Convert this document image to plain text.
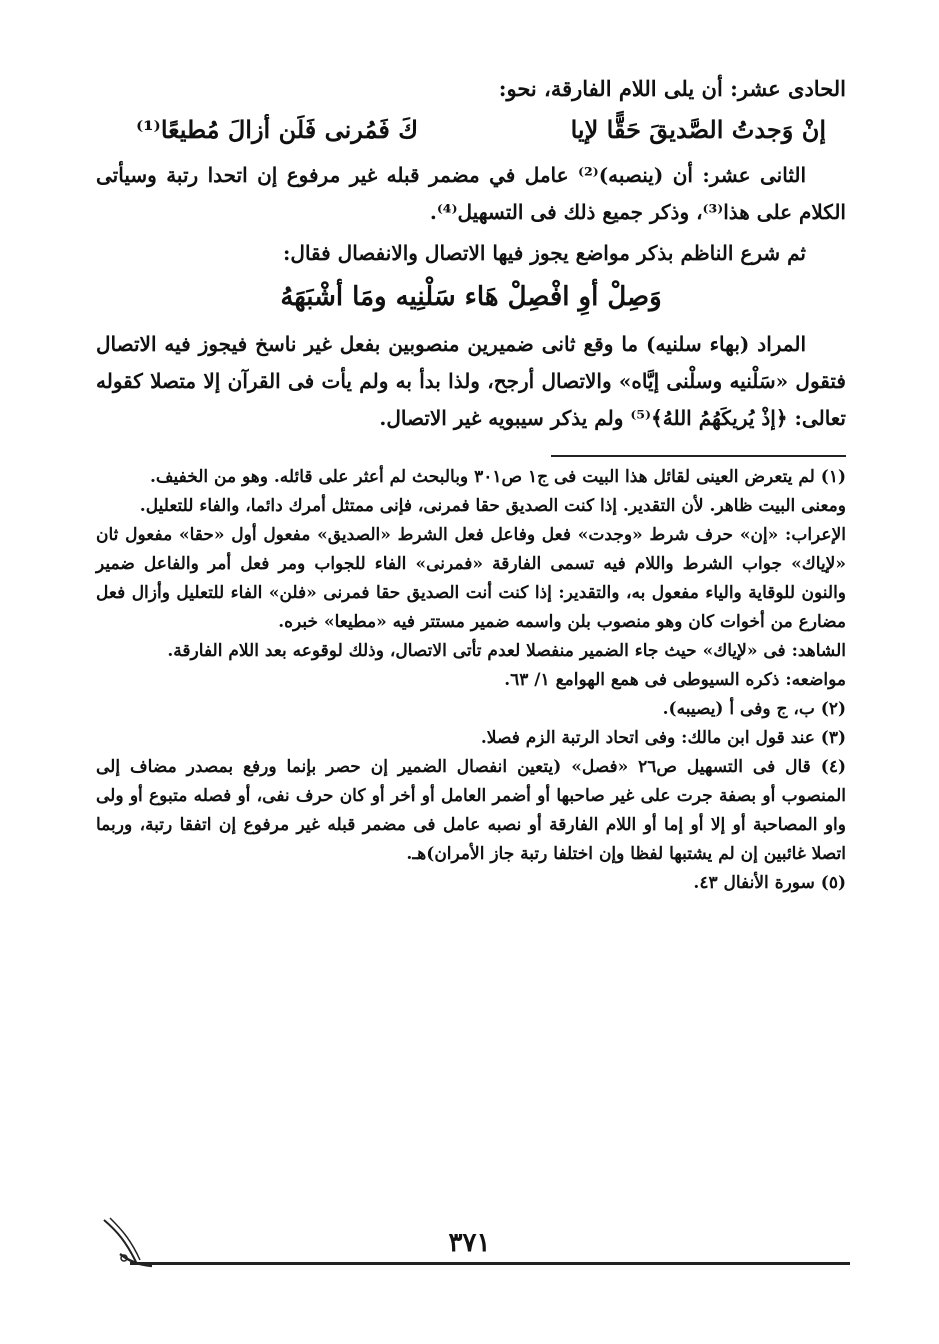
الحادى عشر: أن يلى اللام الفارقة، نحو:
إنْ وَجدتُ الصَّديقَ حَقًّا لإيا
كَ فَمُرنى فَلَن أزالَ مُطيعًا⁽¹⁾

الثانى عشر: أن (ينصبه)⁽²⁾ عامل في مضمر قبله غير مرفوع إن اتحدا رتبة وسيأتى الكلام على هذا⁽³⁾، وذكر جميع ذلك فى التسهيل⁽⁴⁾.

ثم شرع الناظم بذكر مواضع يجوز فيها الاتصال والانفصال فقال:

وَصِلْ أوِ افْصِلْ هَاء سَلْنِيه ومَا أشْبَهَهُ

المراد (بهاء سلنيه) ما وقع ثانى ضميرين منصوبين بفعل غير ناسخ فيجوز فيه الاتصال فتقول «سَلْنيه وسلْنى إيَّاه» والاتصال أرجح، ولذا بدأ به ولم يأت فى القرآن إلا متصلا كقوله تعالى: ﴿إذْ يُريكَهُمُ اللهُ﴾⁽⁵⁾ ولم يذكر سيبويه غير الاتصال.

(١) لم يتعرض العينى لقائل هذا البيت فى ج١ ص٣٠١ وبالبحث لم أعثر على قائله. وهو من الخفيف.

ومعنى البيت ظاهر. لأن التقدير. إذا كنت الصديق حقا فمرنى، فإنى ممتثل أمرك دائما، والفاء للتعليل.

الإعراب: «إن» حرف شرط «وجدت» فعل وفاعل فعل الشرط «الصديق» مفعول أول «حقا» مفعول ثان «لإياك» جواب الشرط واللام فيه تسمى الفارقة «فمرنى» الفاء للجواب ومر فعل أمر والفاعل ضمير والنون للوقاية والياء مفعول به، والتقدير: إذا كنت أنت الصديق حقا فمرنى «فلن» الفاء للتعليل وأزال فعل مضارع من أخوات كان وهو منصوب بلن واسمه ضمير مستتر فيه «مطيعا» خبره.

الشاهد: فى «لإياك» حيث جاء الضمير منفصلا لعدم تأتى الاتصال، وذلك لوقوعه بعد اللام الفارقة.

مواضعه: ذكره السيوطى فى همع الهوامع ١/ ٦٣.

(٢) ب، ج وفى أ (يصيبه).

(٣) عند قول ابن مالك: وفى اتحاد الرتبة الزم فصلا.

(٤) قال فى التسهيل ص٢٦ «فصل» (يتعين انفصال الضمير إن حصر بإنما ورفع بمصدر مضاف إلى المنصوب أو بصفة جرت على غير صاحبها أو أضمر العامل أو أخر أو كان حرف نفى، أو فصله متبوع أو ولى واو المصاحبة أو إلا أو إما أو اللام الفارقة أو نصبه عامل فى مضمر قبله غير مرفوع إن اتفقا رتبة، وربما اتصلا غائبين إن لم يشتبها لفظا وإن اختلفا رتبة جاز الأمران)هـ.

(٥) سورة الأنفال ٤٣.

٣٧١
